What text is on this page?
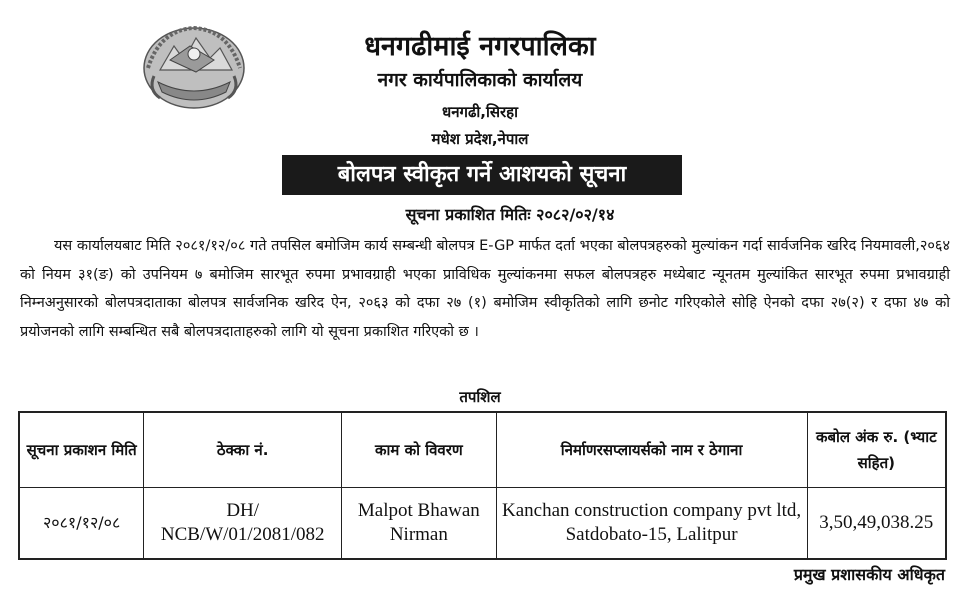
धनगढीमाई नगरपालिका
नगर कार्यपालिकाको कार्यालय
धनगढी,सिरहा
मधेश प्रदेश,नेपाल
बोलपत्र स्वीकृत गर्ने आशयको सूचना
सूचना प्रकाशित मितिः २०८२/०२/१४
यस कार्यालयबाट मिति २०८१/१२/०८ गते तपसिल बमोजिम कार्य सम्बन्धी बोलपत्र E-GP मार्फत दर्ता भएका बोलपत्रहरुको मुल्यांकन गर्दा सार्वजनिक खरिद नियमावली,२०६४ को नियम ३१(ङ) को उपनियम ७ बमोजिम सारभूत रुपमा प्रभावग्राही भएका प्राविधिक मुल्यांकनमा सफल बोलपत्रहरु मध्येबाट न्यूनतम मुल्यांकित सारभूत रुपमा प्रभावग्राही निम्नअनुसारको बोलपत्रदाताका बोलपत्र सार्वजनिक खरिद ऐन, २०६३ को दफा २७ (१) बमोजिम स्वीकृतिको लागि छनोट गरिएकोले सोहि ऐनको दफा २७(२) र दफा ४७ को प्रयोजनको लागि सम्बन्धित सबै बोलपत्रदाताहरुको लागि यो सूचना प्रकाशित गरिएको छ ।
तपशिल
सूचना प्रकाशन मिति	ठेक्का नं.	काम को विवरण	निर्माणरसप्लायर्सको नाम र ठेगाना	कबोल अंक रु. (भ्याट सहित)
२०८१/१२/०८	DH/ NCB/W/01/2081/082	Malpot Bhawan Nirman	Kanchan construction company pvt ltd, Satdobato-15, Lalitpur	3,50,49,038.25
प्रमुख प्रशासकीय अधिकृत
